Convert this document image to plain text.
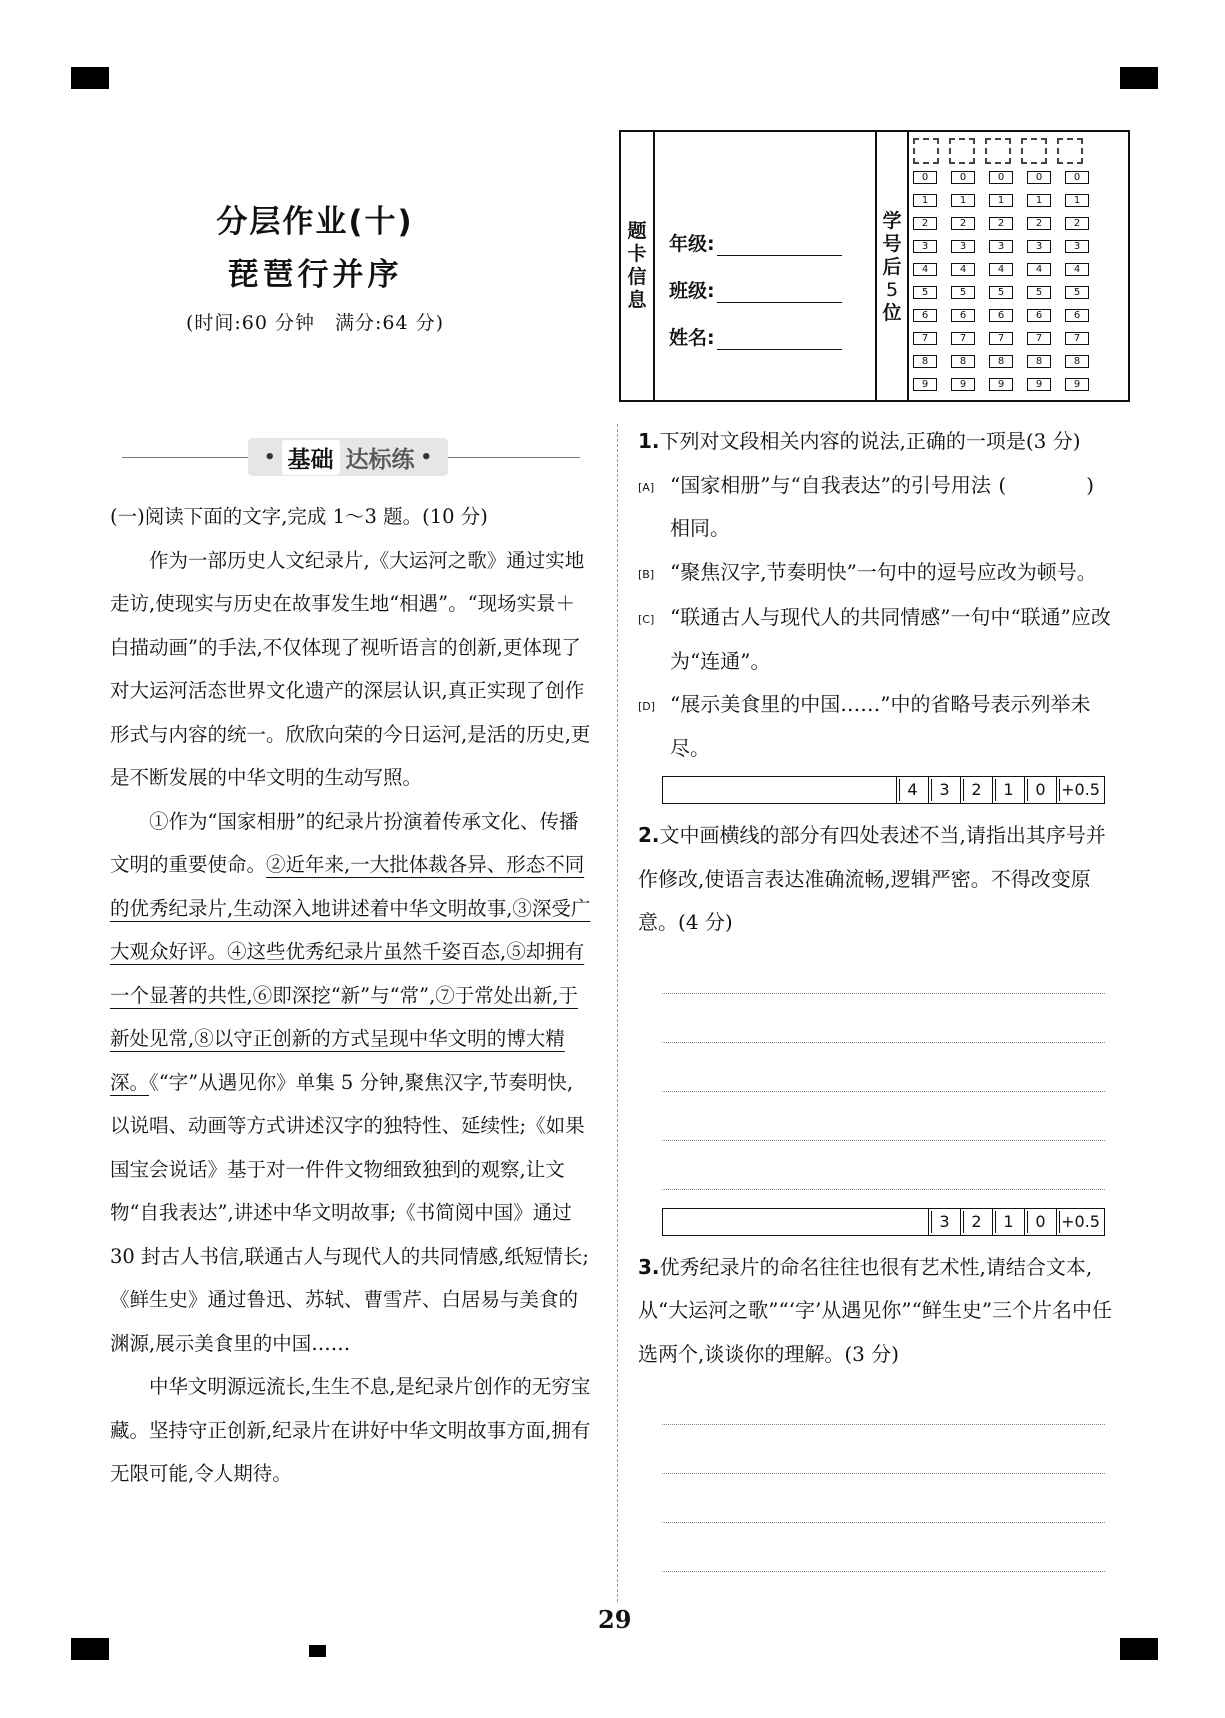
分层作业(十)
琵琶行并序
(时间:60 分钟　满分:64 分)
题
卡
信
息
年级:
班级:
姓名:
学
号
后
5
位
0	0	0	0	0
1	1	1	1	1
2	2	2	2	2
3	3	3	3	3
4	4	4	4	4
5	5	5	5	5
6	6	6	6	6
7	7	7	7	7
8	8	8	8	8
9	9	9	9	9
• 基础 达标练 •

(一)阅读下面的文字,完成 1～3 题。(10 分)

作为一部历史人文纪录片,《大运河之歌》通过实地走访,使现实与历史在故事发生地“相遇”。“现场实景＋白描动画”的手法,不仅体现了视听语言的创新,更体现了对大运河活态世界文化遗产的深层认识,真正实现了创作形式与内容的统一。欣欣向荣的今日运河,是活的历史,更是不断发展的中华文明的生动写照。

①作为“国家相册”的纪录片扮演着传承文化、传播文明的重要使命。②近年来,一大批体裁各异、形态不同的优秀纪录片,生动深入地讲述着中华文明故事,③深受广大观众好评。④这些优秀纪录片虽然千姿百态,⑤却拥有一个显著的共性,⑥即深挖“新”与“常”,⑦于常处出新,于新处见常,⑧以守正创新的方式呈现中华文明的博大精深。《“字”从遇见你》单集 5 分钟,聚焦汉字,节奏明快,以说唱、动画等方式讲述汉字的独特性、延续性;《如果国宝会说话》基于对一件件文物细致独到的观察,让文物“自我表达”,讲述中华文明故事;《书简阅中国》通过 30 封古人书信,联通古人与现代人的共同情感,纸短情长;《鲜生史》通过鲁迅、苏轼、曹雪芹、白居易与美食的渊源,展示美食里的中国……

中华文明源远流长,生生不息,是纪录片创作的无穷宝藏。坚持守正创新,纪录片在讲好中华文明故事方面,拥有无限可能,令人期待。

1.下列对文段相关内容的说法,正确的一项是(3 分)
(　)

[A] “国家相册”与“自我表达”的引号用法相同。
[B] “聚焦汉字,节奏明快”一句中的逗号应改为顿号。
[C] “联通古人与现代人的共同情感”一句中“联通”应改为“连通”。
[D] “展示美食里的中国……”中的省略号表示列举未尽。
4	3	2	1	0 +0.5

2.文中画横线的部分有四处表述不当,请指出其序号并作修改,使语言表达准确流畅,逻辑严密。不得改变原意。(4 分)

3	2	1	0 +0.5

3.优秀纪录片的命名往往也很有艺术性,请结合文本,从“大运河之歌”“‘字’从遇见你”“鲜生史”三个片名中任选两个,谈谈你的理解。(3 分)

29
